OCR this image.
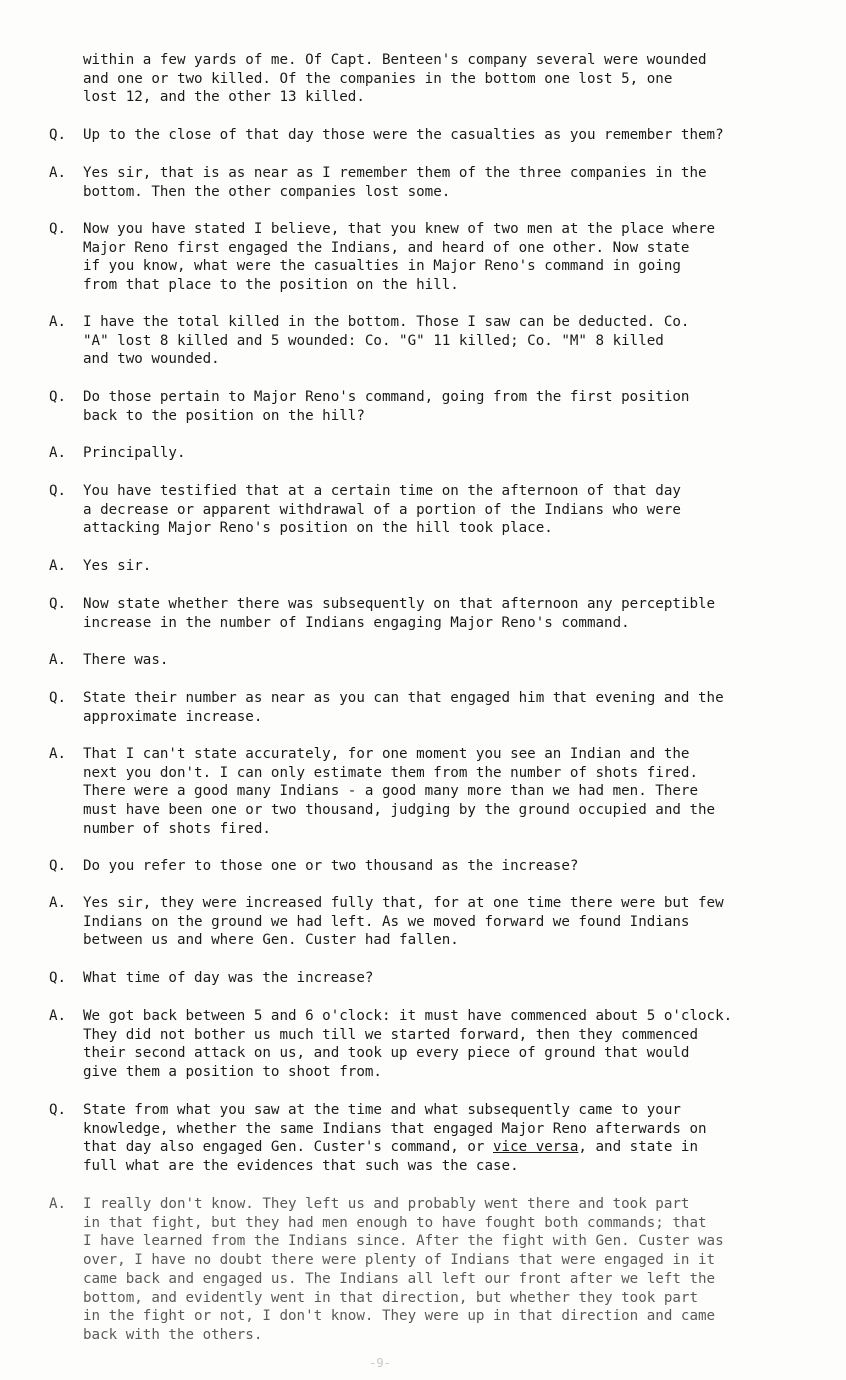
within a few yards of me. Of Capt. Benteen's company several were wounded
and one or two killed. Of the companies in the bottom one lost 5, one
lost 12, and the other 13 killed.
Q.	Up to the close of that day those were the casualties as you remember them?
A.	Yes sir, that is as near as I remember them of the three companies in the
bottom. Then the other companies lost some.
Q.	Now you have stated I believe, that you knew of two men at the place where
Major Reno first engaged the Indians, and heard of one other. Now state
if you know, what were the casualties in Major Reno's command in going
from that place to the position on the hill.
A.	I have the total killed in the bottom. Those I saw can be deducted. Co.
"A" lost 8 killed and 5 wounded: Co. "G" 11 killed; Co. "M" 8 killed
and two wounded.
Q.	Do those pertain to Major Reno's command, going from the first position
back to the position on the hill?
A.	Principally.
Q.	You have testified that at a certain time on the afternoon of that day
a decrease or apparent withdrawal of a portion of the Indians who were
attacking Major Reno's position on the hill took place.
A.	Yes sir.
Q.	Now state whether there was subsequently on that afternoon any perceptible
increase in the number of Indians engaging Major Reno's command.
A.	There was.
Q.	State their number as near as you can that engaged him that evening and the
approximate increase.
A.	That I can't state accurately, for one moment you see an Indian and the
next you don't. I can only estimate them from the number of shots fired.
There were a good many Indians - a good many more than we had men. There
must have been one or two thousand, judging by the ground occupied and the
number of shots fired.
Q.	Do you refer to those one or two thousand as the increase?
A.	Yes sir, they were increased fully that, for at one time there were but few
Indians on the ground we had left. As we moved forward we found Indians
between us and where Gen. Custer had fallen.
Q.	What time of day was the increase?
A.	We got back between 5 and 6 o'clock: it must have commenced about 5 o'clock.
They did not bother us much till we started forward, then they commenced
their second attack on us, and took up every piece of ground that would
give them a position to shoot from.
Q.	State from what you saw at the time and what subsequently came to your
knowledge, whether the same Indians that engaged Major Reno afterwards on
that day also engaged Gen. Custer's command, or vice versa, and state in
full what are the evidences that such was the case.
A.	I really don't know. They left us and probably went there and took part
in that fight, but they had men enough to have fought both commands; that
I have learned from the Indians since. After the fight with Gen. Custer was
over, I have no doubt there were plenty of Indians that were engaged in it
came back and engaged us. The Indians all left our front after we left the
bottom, and evidently went in that direction, but whether they took part
in the fight or not, I don't know. They were up in that direction and came
back with the others.
-9-
